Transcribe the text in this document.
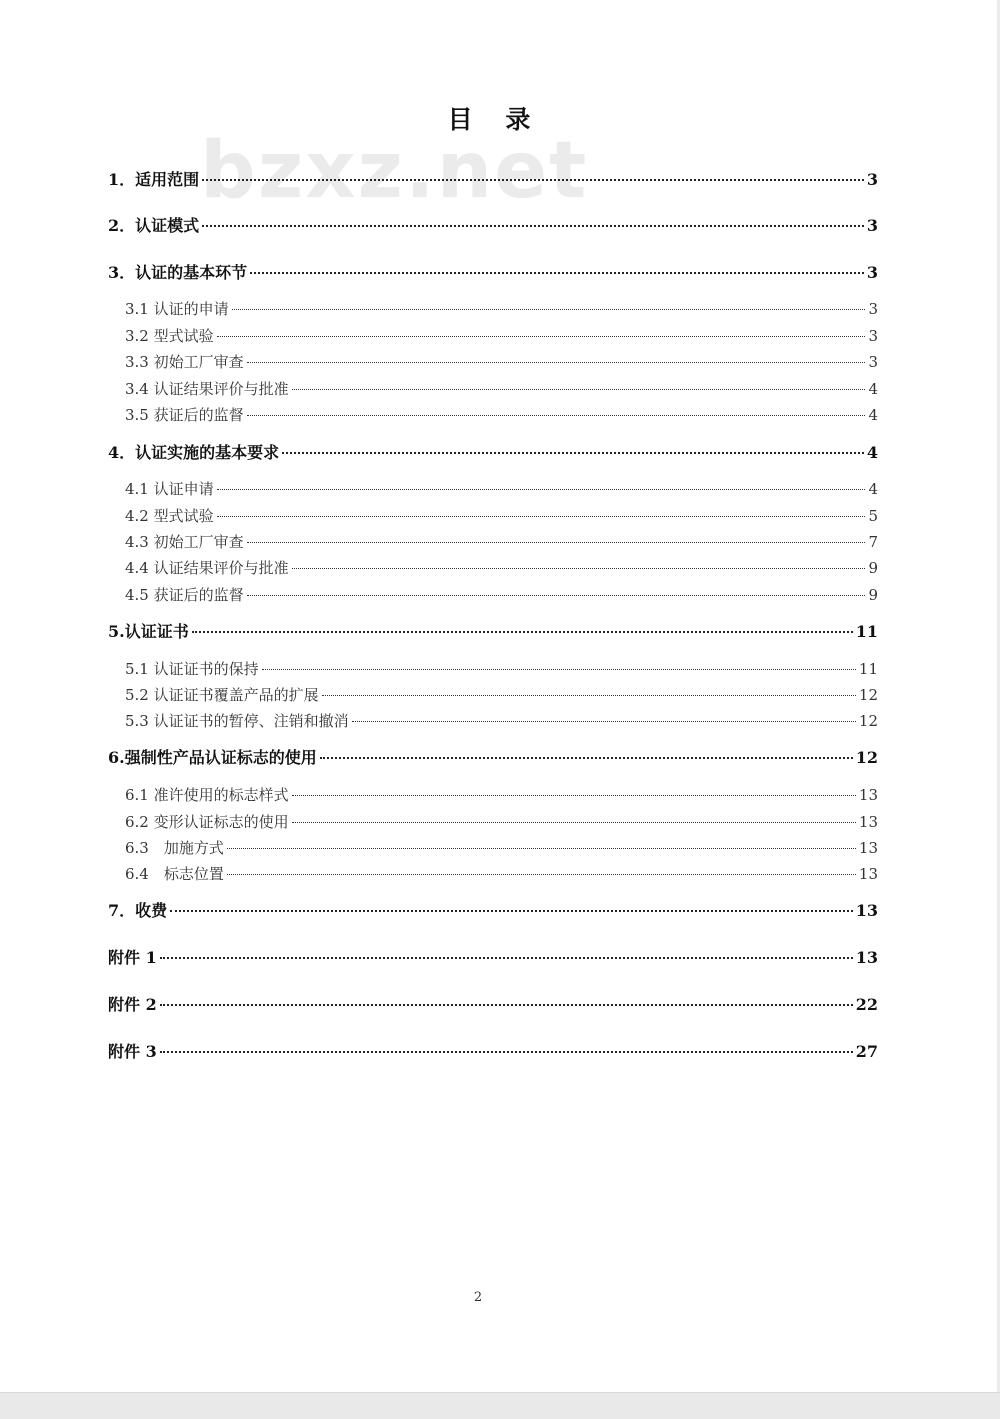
bzxz.net
目 录
1．适用范围	3
2．认证模式	3
3．认证的基本环节	3
3.1 认证的申请	3
3.2 型式试验	3
3.3 初始工厂审查	3
3.4 认证结果评价与批准	4
3.5 获证后的监督	4
4．认证实施的基本要求	4
4.1 认证申请	4
4.2 型式试验	5
4.3 初始工厂审查	7
4.4 认证结果评价与批准	9
4.5 获证后的监督	9
5.认证证书	11
5.1 认证证书的保持	11
5.2 认证证书覆盖产品的扩展	12
5.3 认证证书的暂停、注销和撤消	12
6.强制性产品认证标志的使用	12
6.1 准许使用的标志样式	13
6.2 变形认证标志的使用	13
6.3　加施方式	13
6.4　标志位置	13
7．收费	13
附件 1	13
附件 2	22
附件 3	27
2
